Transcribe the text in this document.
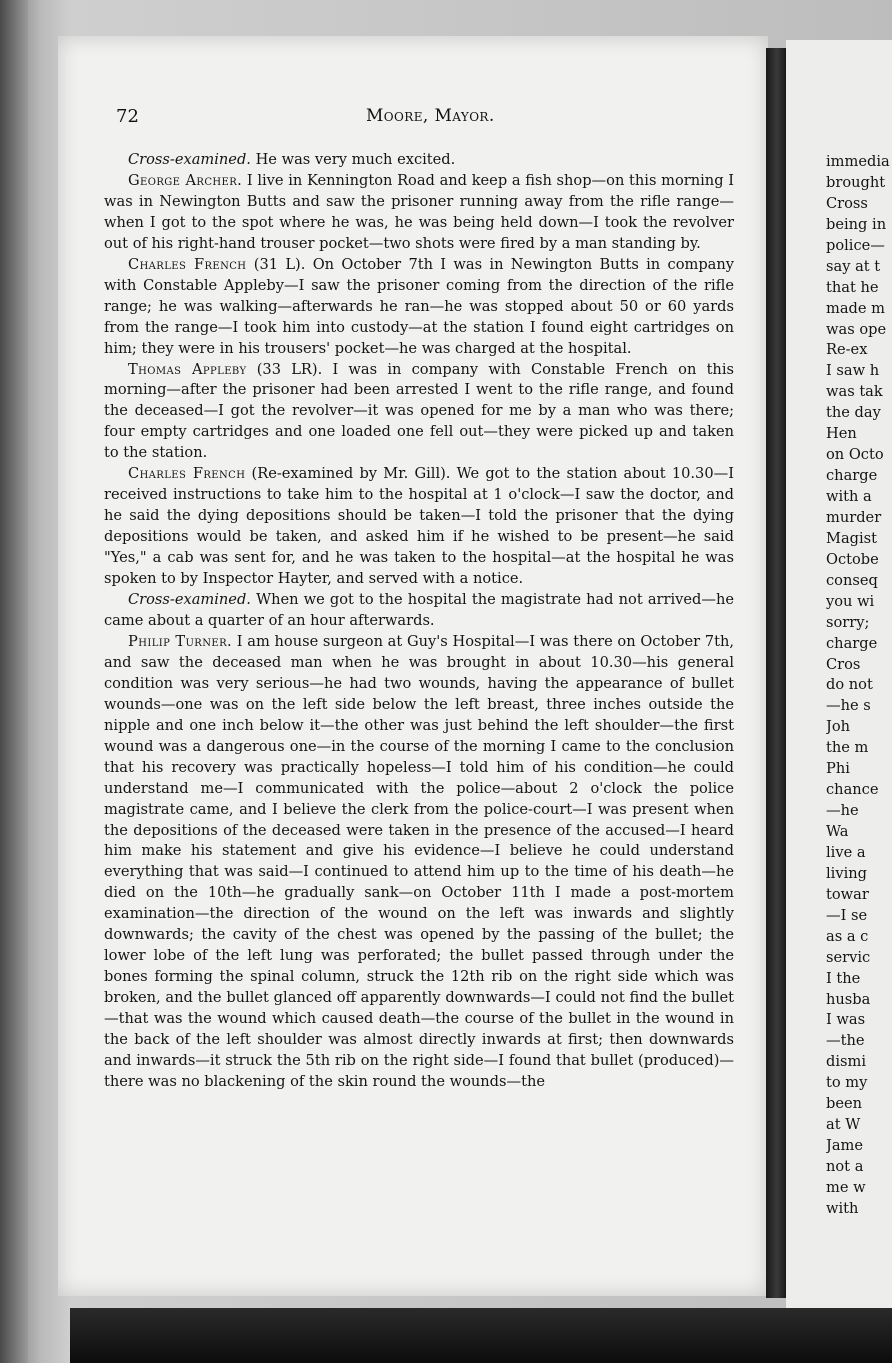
72	Moore, Mayor.

Cross-examined. He was very much excited.

George Archer. I live in Kennington Road and keep a fish shop—on this morning I was in Newington Butts and saw the prisoner running away from the rifle range—when I got to the spot where he was, he was being held down—I took the revolver out of his right-hand trouser pocket—two shots were fired by a man standing by.

Charles French (31 L). On October 7th I was in Newington Butts in company with Constable Appleby—I saw the prisoner coming from the direction of the rifle range; he was walking—afterwards he ran—he was stopped about 50 or 60 yards from the range—I took him into custody—at the station I found eight cartridges on him; they were in his trousers' pocket—he was charged at the hospital.

Thomas Appleby (33 LR). I was in company with Constable French on this morning—after the prisoner had been arrested I went to the rifle range, and found the deceased—I got the revolver—it was opened for me by a man who was there; four empty cartridges and one loaded one fell out—they were picked up and taken to the station.

Charles French (Re-examined by Mr. Gill). We got to the station about 10.30—I received instructions to take him to the hospital at 1 o'clock—I saw the doctor, and he said the dying depositions should be taken—I told the prisoner that the dying depositions would be taken, and asked him if he wished to be present—he said "Yes," a cab was sent for, and he was taken to the hospital—at the hospital he was spoken to by Inspector Hayter, and served with a notice.

Cross-examined. When we got to the hospital the magistrate had not arrived—he came about a quarter of an hour afterwards.

Philip Turner. I am house surgeon at Guy's Hospital—I was there on October 7th, and saw the deceased man when he was brought in about 10.30—his general condition was very serious—he had two wounds, having the appearance of bullet wounds—one was on the left side below the left breast, three inches outside the nipple and one inch below it—the other was just behind the left shoulder—the first wound was a dangerous one—in the course of the morning I came to the conclusion that his recovery was practically hopeless—I told him of his condition—he could understand me—I communicated with the police—about 2 o'clock the police magistrate came, and I believe the clerk from the police-court—I was present when the depositions of the deceased were taken in the presence of the accused—I heard him make his statement and give his evidence—I believe he could understand everything that was said—I continued to attend him up to the time of his death—he died on the 10th—he gradually sank—on October 11th I made a post-mortem examination—the direction of the wound on the left was inwards and slightly downwards; the cavity of the chest was opened by the passing of the bullet; the lower lobe of the left lung was perforated; the bullet passed through under the bones forming the spinal column, struck the 12th rib on the right side which was broken, and the bullet glanced off apparently downwards—I could not find the bullet—that was the wound which caused death—the course of the bullet in the wound in the back of the left shoulder was almost directly inwards at first; then downwards and inwards—it struck the 5th rib on the right side—I found that bullet (produced)—there was no blackening of the skin round the wounds—the

immedia
brought
Cross
being in
police—
say at t
that he
made m
was ope
Re-ex
I saw h
was tak
the day
Hen
on Octo
charge
with a
murder
Magist
Octobe
conseq
you wi
sorry;
charge
Cros
do not
—he s
Joh
the m
Phi
chance
—he
Wa
live a
living
towar
—I se
as a c
servic
I the
husba
I was
—the
dismi
to my
been
at W
Jame
not a
me w
with
